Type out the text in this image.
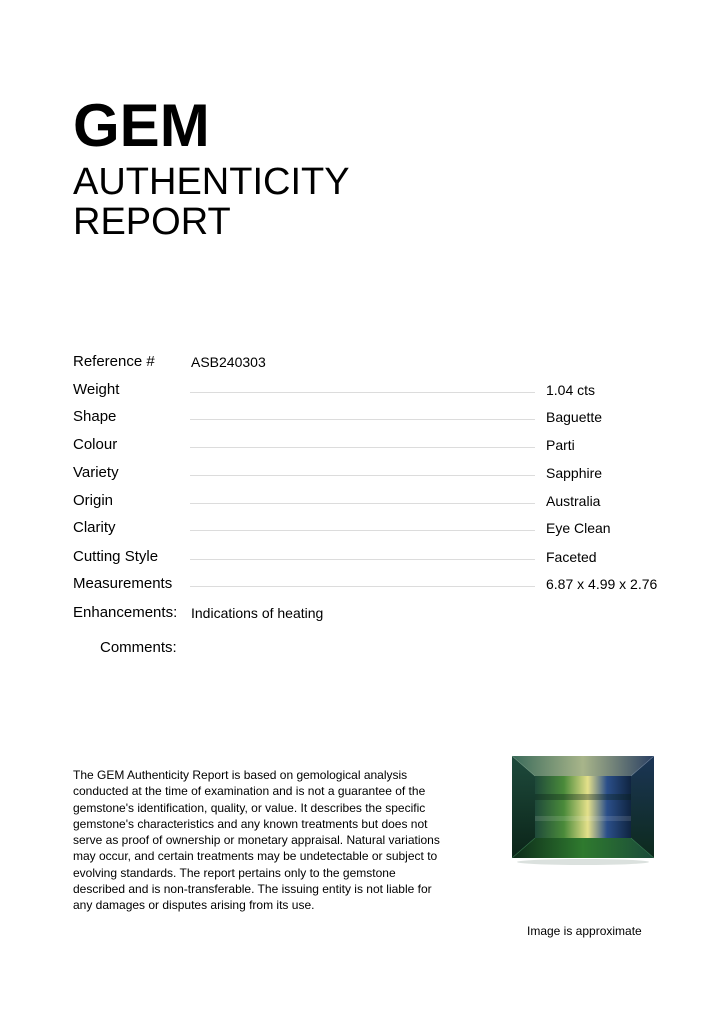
GEM
AUTHENTICITY
REPORT
Reference #	ASB240303
Weight	1.04 cts
Shape	Baguette
Colour	Parti
Variety	Sapphire
Origin	Australia
Clarity	Eye Clean
Cutting Style	Faceted
Measurements	6.87 x 4.99 x 2.76
Enhancements: Indications of heating
Comments:
The GEM Authenticity Report is based on gemological analysis conducted at the time of examination and is not a guarantee of the gemstone's identification, quality, or value. It describes the specific gemstone's characteristics and any known treatments but does not serve as proof of ownership or monetary appraisal. Natural variations may occur, and certain treatments may be undetectable or subject to evolving standards. The report pertains only to the gemstone described and is non-transferable. The issuing entity is not liable for any damages or disputes arising from its use.
Image is approximate
